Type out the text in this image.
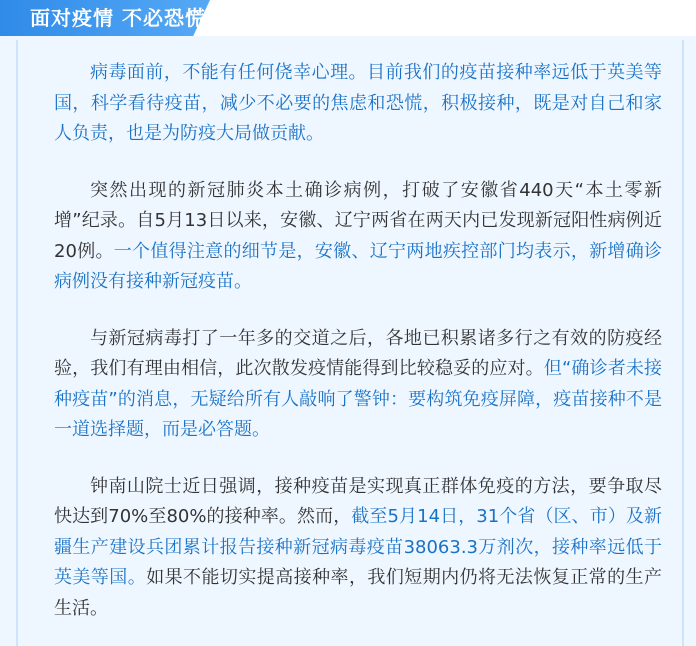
面对疫情 不必恐慌

病毒面前，不能有任何侥幸心理。目前我们的疫苗接种率远低于英美等国，科学看待疫苗，减少不必要的焦虑和恐慌，积极接种，既是对自己和家人负责，也是为防疫大局做贡献。

突然出现的新冠肺炎本土确诊病例，打破了安徽省440天“本土零新增”纪录。自5月13日以来，安徽、辽宁两省在两天内已发现新冠阳性病例近20例。一个值得注意的细节是，安徽、辽宁两地疾控部门均表示，新增确诊病例没有接种新冠疫苗。

与新冠病毒打了一年多的交道之后，各地已积累诸多行之有效的防疫经验，我们有理由相信，此次散发疫情能得到比较稳妥的应对。但“确诊者未接种疫苗”的消息，无疑给所有人敲响了警钟：要构筑免疫屏障，疫苗接种不是一道选择题，而是必答题。

钟南山院士近日强调，接种疫苗是实现真正群体免疫的方法，要争取尽快达到70%至80%的接种率。然而，截至5月14日，31个省（区、市）及新疆生产建设兵团累计报告接种新冠病毒疫苗38063.3万剂次，接种率远低于英美等国。如果不能切实提高接种率，我们短期内仍将无法恢复正常的生产生活。
